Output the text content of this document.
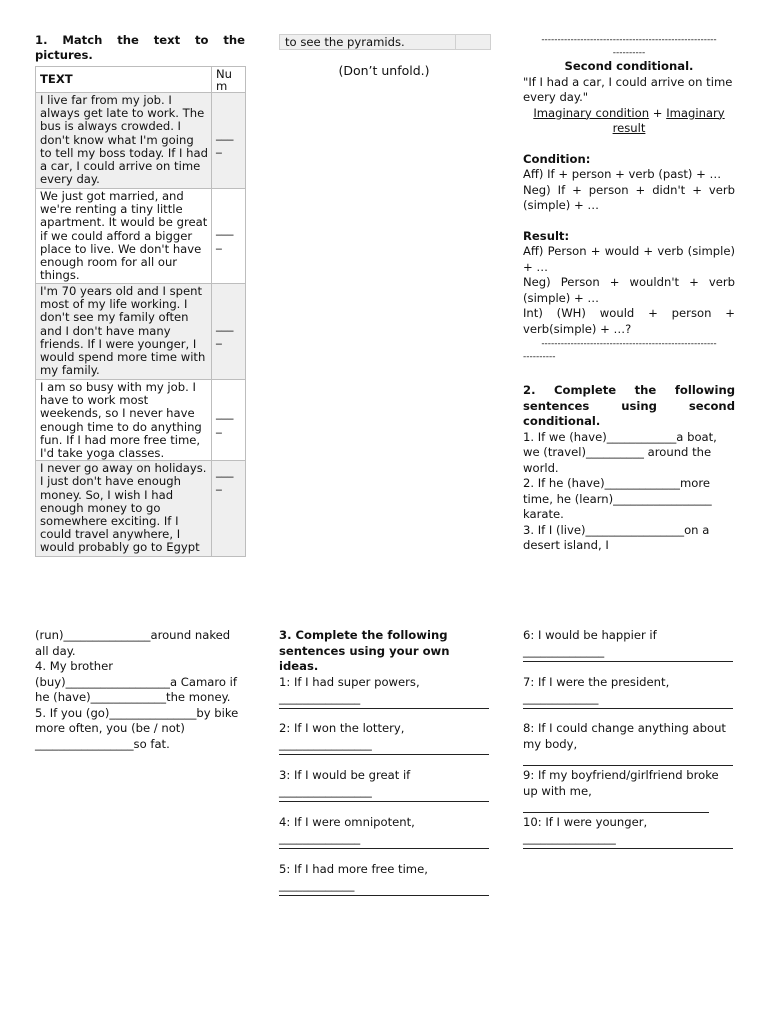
1. Match the text to the pictures.
TEXT	Nu
m
I live far from my job. I always get late to work. The bus is always crowded. I don't know what I'm going to tell my boss today. If I had a car, I could arrive on time every day.	___
_
We just got married, and we're renting a tiny little apartment. It would be great if we could afford a bigger place to live. We don't have enough room for all our things.	___
_
I'm 70 years old and I spent most of my life working. I don't see my family often and I don't have many friends. If I were younger, I would spend more time with my family.	___
_
I am so busy with my job. I have to work most weekends, so I never have enough time to do anything fun. If I had more free time, I'd take yoga classes.	___
_
I never go away on holidays. I just don't have enough money. So, I wish I had enough money to go somewhere exciting. If I could travel anywhere, I would probably go to Egypt	___
_
to see the pyramids.
(Don’t unfold.)
------------------------------------------------------
----------
Second conditional.
"If I had a car, I could arrive on time every day."
Imaginary condition + Imaginary result
Condition:
Aff) If + person + verb (past) + …
Neg) If + person + didn't + verb (simple) + …
Result:
Aff) Person + would + verb (simple) + …
Neg) Person + wouldn't + verb (simple) + …
Int) (WH) would + person + verb(simple) + …?
------------------------------------------------------
----------
2. Complete the following sentences using second conditional.
1. If we (have)____________a boat, we (travel)__________ around the world.
2. If he (have)_____________more time, he (learn)_________________ karate.
3. If I (live)_________________on a desert island, I
(run)_______________around naked all day.
4. My brother (buy)__________________a Camaro if he (have)_____________the money.
5. If you (go)_______________by bike more often, you (be / not) _________________so fat.
3. Complete the following sentences using your own ideas.
1: If I had super powers,
______________
2: If I won the lottery,
________________
3: If I would be great if
________________
4: If I were omnipotent,
______________
5: If I had more free time,
_____________
6: I would be happier if
______________
7: If I were the president,
_____________
8: If I could change anything about my body,
9: If my boyfriend/girlfriend broke up with me,
10: If I were younger,
________________
